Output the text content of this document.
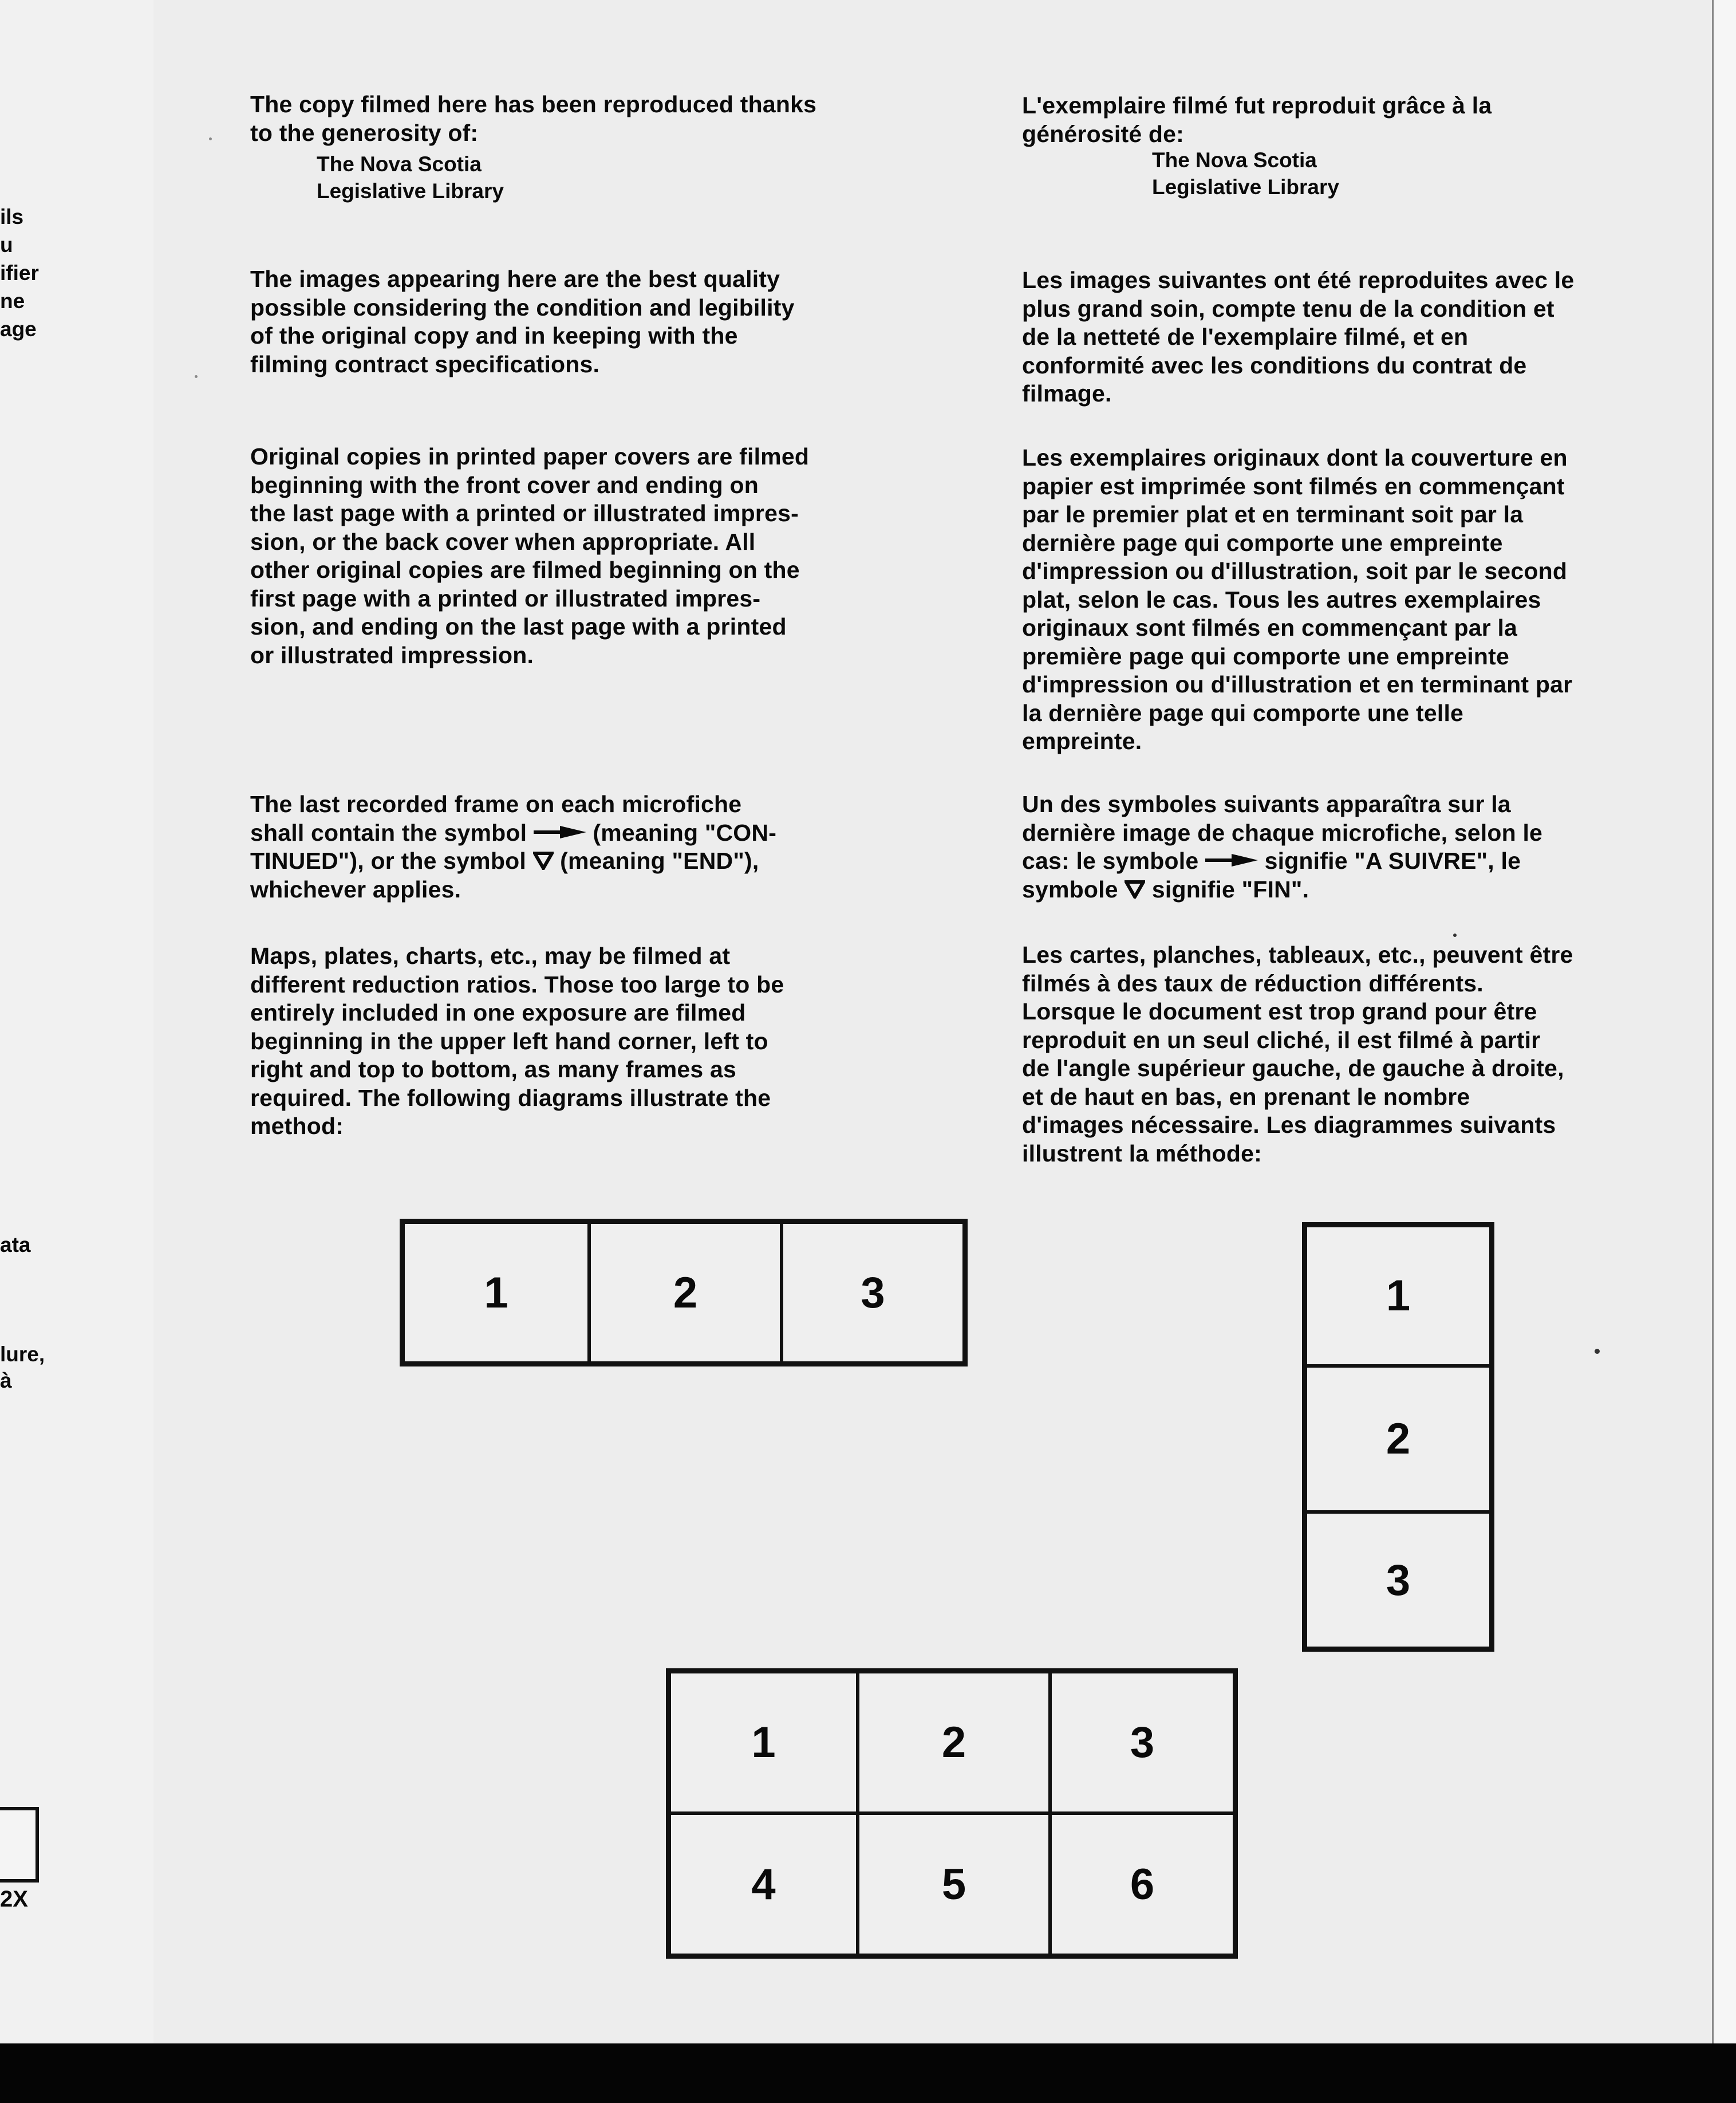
ils
u
ifier
ne
age
ata
lure,
à
2X
The copy filmed here has been reproduced thanks
to the generosity of:
The Nova Scotia
Legislative Library
The images appearing here are the best quality
possible considering the condition and legibility
of the original copy and in keeping with the
filming contract specifications.
Original copies in printed paper covers are filmed
beginning with the front cover and ending on
the last page with a printed or illustrated impres-
sion, or the back cover when appropriate. All
other original copies are filmed beginning on the
first page with a printed or illustrated impres-
sion, and ending on the last page with a printed
or illustrated impression.
The last recorded frame on each microfiche
shall contain the symbol  (meaning "CON-
TINUED"), or the symbol  (meaning "END"),
whichever applies.
Maps, plates, charts, etc., may be filmed at
different reduction ratios. Those too large to be
entirely included in one exposure are filmed
beginning in the upper left hand corner, left to
right and top to bottom, as many frames as
required. The following diagrams illustrate the
method:
L'exemplaire filmé fut reproduit grâce à la
générosité de:
The Nova Scotia
Legislative Library
Les images suivantes ont été reproduites avec le
plus grand soin, compte tenu de la condition et
de la netteté de l'exemplaire filmé, et en
conformité avec les conditions du contrat de
filmage.
Les exemplaires originaux dont la couverture en
papier est imprimée sont filmés en commençant
par le premier plat et en terminant soit par la
dernière page qui comporte une empreinte
d'impression ou d'illustration, soit par le second
plat, selon le cas. Tous les autres exemplaires
originaux sont filmés en commençant par la
première page qui comporte une empreinte
d'impression ou d'illustration et en terminant par
la dernière page qui comporte une telle
empreinte.
Un des symboles suivants apparaîtra sur la
dernière image de chaque microfiche, selon le
cas: le symbole  signifie "A SUIVRE", le
symbole  signifie "FIN".
Les cartes, planches, tableaux, etc., peuvent être
filmés à des taux de réduction différents.
Lorsque le document est trop grand pour être
reproduit en un seul cliché, il est filmé à partir
de l'angle supérieur gauche, de gauche à droite,
et de haut en bas, en prenant le nombre
d'images nécessaire. Les diagrammes suivants
illustrent la méthode:
1	2	3	1
2
3
1	2	3
4	5	6
